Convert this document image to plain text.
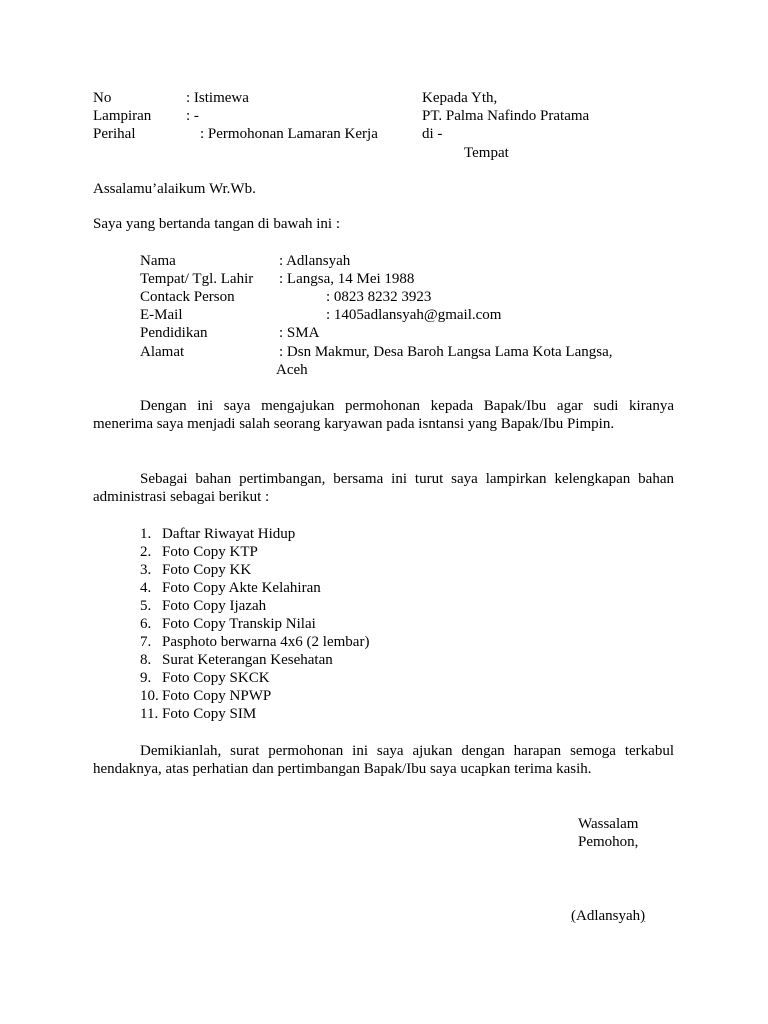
No	: Istimewa
Lampiran : -
Perihal	: Permohonan Lamaran Kerja
Kepada Yth,
PT. Palma Nafindo Pratama
di -
Tempat
Assalamu’alaikum Wr.Wb.
Saya yang bertanda tangan di bawah ini :
Nama	: Adlansyah
Tempat/ Tgl. Lahir : Langsa, 14 Mei 1988
Contack Person	: 0823 8232 3923
E-Mail	: 1405adlansyah@gmail.com
Pendidikan	: SMA
Alamat	: Dsn Makmur, Desa Baroh Langsa Lama Kota Langsa,
Aceh
Dengan ini saya mengajukan permohonan kepada Bapak/Ibu agar sudi kiranya menerima saya menjadi salah seorang karyawan pada isntansi yang Bapak/Ibu Pimpin.
Sebagai bahan pertimbangan, bersama ini turut saya lampirkan kelengkapan bahan administrasi sebagai berikut :
1. Daftar Riwayat Hidup
2. Foto Copy KTP
3. Foto Copy KK
4. Foto Copy Akte Kelahiran
5. Foto Copy Ijazah
6. Foto Copy Transkip Nilai
7. Pasphoto berwarna 4x6 (2 lembar)
8. Surat Keterangan Kesehatan
9. Foto Copy SKCK
10. Foto Copy NPWP
11. Foto Copy SIM
Demikianlah, surat permohonan ini saya ajukan dengan harapan semoga terkabul hendaknya, atas perhatian dan pertimbangan Bapak/Ibu saya ucapkan terima kasih.
Wassalam
Pemohon,
(Adlansyah)
